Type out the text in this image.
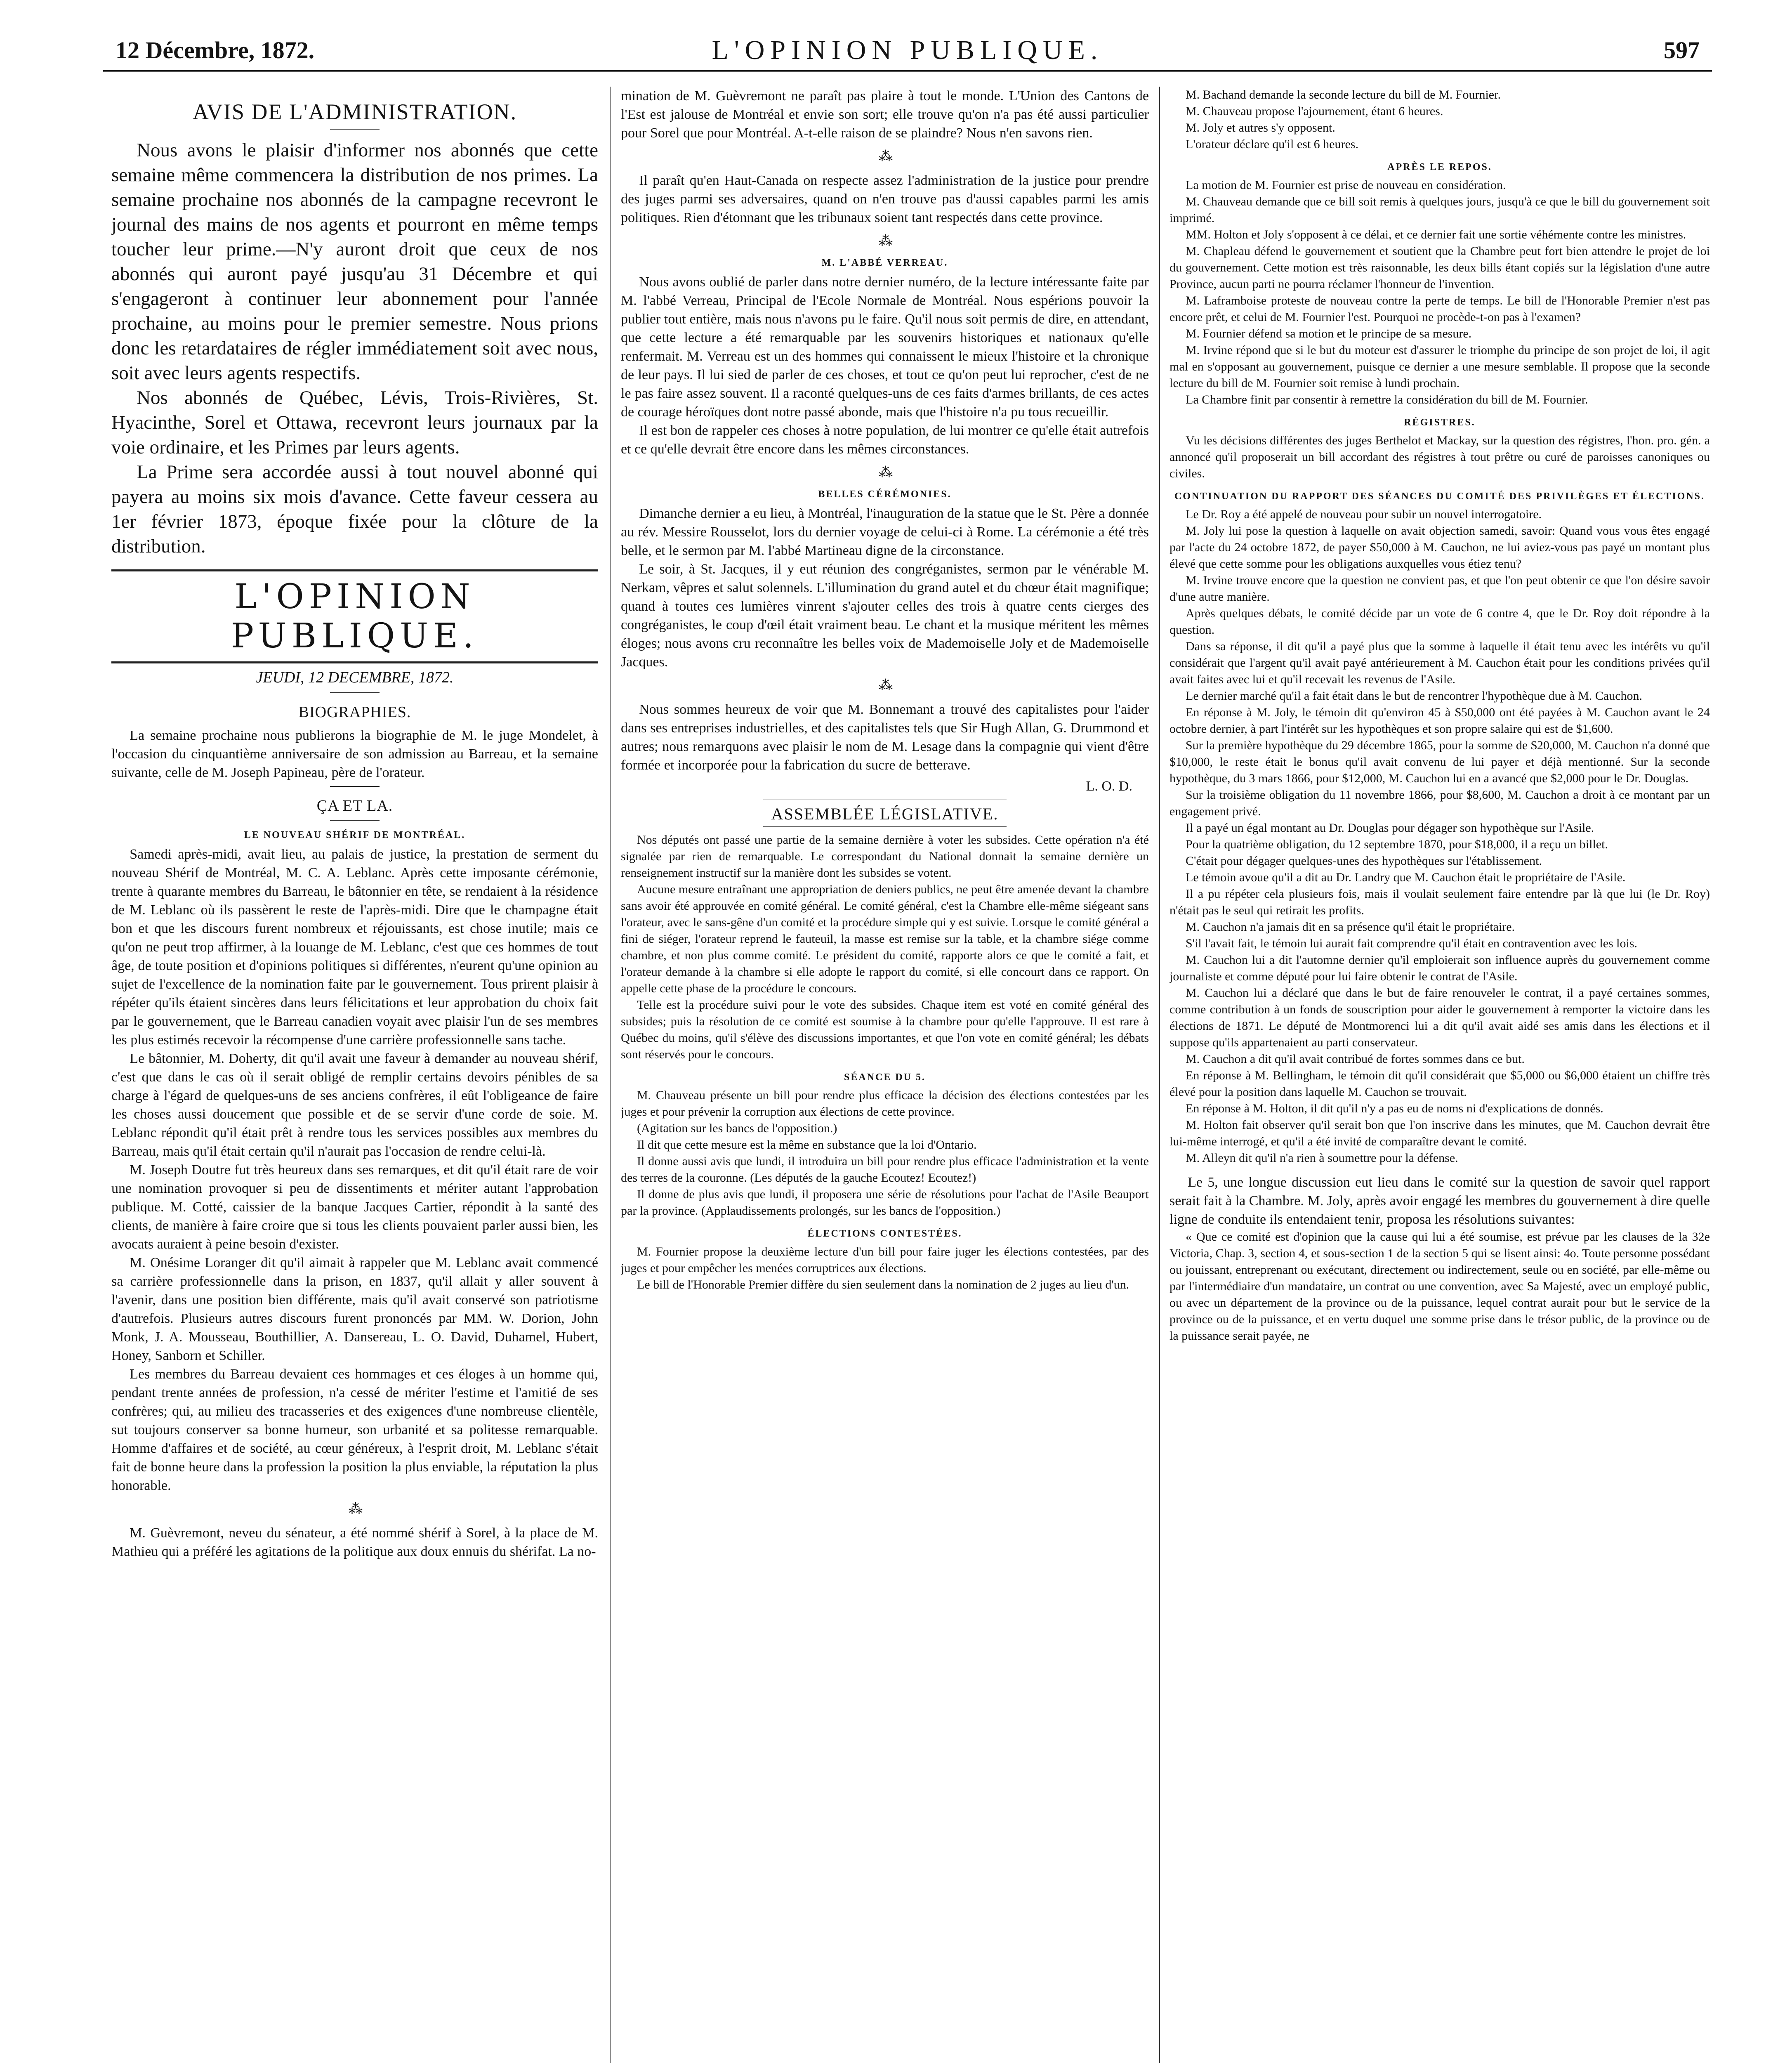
12 Décembre, 1872.	L'OPINION PUBLIQUE.	597
AVIS DE L'ADMINISTRATION.

Nous avons le plaisir d'informer nos abonnés que cette semaine même commencera la distribution de nos primes. La semaine prochaine nos abonnés de la campagne recevront le journal des mains de nos agents et pourront en même temps toucher leur prime.—N'y auront droit que ceux de nos abonnés qui auront payé jusqu'au 31 Décembre et qui s'engageront à continuer leur abonnement pour l'année prochaine, au moins pour le premier semestre. Nous prions donc les retardataires de régler immédiatement soit avec nous, soit avec leurs agents respectifs.

Nos abonnés de Québec, Lévis, Trois-Rivières, St. Hyacinthe, Sorel et Ottawa, recevront leurs journaux par la voie ordinaire, et les Primes par leurs agents.

La Prime sera accordée aussi à tout nouvel abonné qui payera au moins six mois d'avance. Cette faveur cessera au 1er février 1873, époque fixée pour la clôture de la distribution.

L'OPINION PUBLIQUE.
JEUDI, 12 DECEMBRE, 1872.
BIOGRAPHIES.

La semaine prochaine nous publierons la biographie de M. le juge Mondelet, à l'occasion du cinquantième anniversaire de son admission au Barreau, et la semaine suivante, celle de M. Joseph Papineau, père de l'orateur.

ÇA ET LA.
LE NOUVEAU SHÉRIF DE MONTRÉAL.

Samedi après-midi, avait lieu, au palais de justice, la prestation de serment du nouveau Shérif de Montréal, M. C. A. Leblanc. Après cette imposante cérémonie, trente à quarante membres du Barreau, le bâtonnier en tête, se rendaient à la résidence de M. Leblanc où ils passèrent le reste de l'après-midi. Dire que le champagne était bon et que les discours furent nombreux et réjouissants, est chose inutile; mais ce qu'on ne peut trop affirmer, à la louange de M. Leblanc, c'est que ces hommes de tout âge, de toute position et d'opinions politiques si différentes, n'eurent qu'une opinion au sujet de l'excellence de la nomination faite par le gouvernement. Tous prirent plaisir à répéter qu'ils étaient sincères dans leurs félicitations et leur approbation du choix fait par le gouvernement, que le Barreau canadien voyait avec plaisir l'un de ses membres les plus estimés recevoir la récompense d'une carrière professionnelle sans tache.

Le bâtonnier, M. Doherty, dit qu'il avait une faveur à demander au nouveau shérif, c'est que dans le cas où il serait obligé de remplir certains devoirs pénibles de sa charge à l'égard de quelques-uns de ses anciens confrères, il eût l'obligeance de faire les choses aussi doucement que possible et de se servir d'une corde de soie. M. Leblanc répondit qu'il était prêt à rendre tous les services possibles aux membres du Barreau, mais qu'il était certain qu'il n'aurait pas l'occasion de rendre celui-là.

M. Joseph Doutre fut très heureux dans ses remarques, et dit qu'il était rare de voir une nomination provoquer si peu de dissentiments et mériter autant l'approbation publique. M. Cotté, caissier de la banque Jacques Cartier, répondit à la santé des clients, de manière à faire croire que si tous les clients pouvaient parler aussi bien, les avocats auraient à peine besoin d'exister.

M. Onésime Loranger dit qu'il aimait à rappeler que M. Leblanc avait commencé sa carrière professionnelle dans la prison, en 1837, qu'il allait y aller souvent à l'avenir, dans une position bien différente, mais qu'il avait conservé son patriotisme d'autrefois. Plusieurs autres discours furent prononcés par MM. W. Dorion, John Monk, J. A. Mousseau, Bouthillier, A. Dansereau, L. O. David, Duhamel, Hubert, Honey, Sanborn et Schiller.

Les membres du Barreau devaient ces hommages et ces éloges à un homme qui, pendant trente années de profession, n'a cessé de mériter l'estime et l'amitié de ses confrères; qui, au milieu des tracasseries et des exigences d'une nombreuse clientèle, sut toujours conserver sa bonne humeur, son urbanité et sa politesse remarquable. Homme d'affaires et de société, au cœur généreux, à l'esprit droit, M. Leblanc s'était fait de bonne heure dans la profession la position la plus enviable, la réputation la plus honorable.

⁂

M. Guèvremont, neveu du sénateur, a été nommé shérif à Sorel, à la place de M. Mathieu qui a préféré les agitations de la politique aux doux ennuis du shérifat. La no-

mination de M. Guèvremont ne paraît pas plaire à tout le monde. L'Union des Cantons de l'Est est jalouse de Montréal et envie son sort; elle trouve qu'on n'a pas été aussi particulier pour Sorel que pour Montréal. A-t-elle raison de se plaindre? Nous n'en savons rien.

⁂

Il paraît qu'en Haut-Canada on respecte assez l'administration de la justice pour prendre des juges parmi ses adversaires, quand on n'en trouve pas d'aussi capables parmi les amis politiques. Rien d'étonnant que les tribunaux soient tant respectés dans cette province.

⁂
M. L'ABBÉ VERREAU.

Nous avons oublié de parler dans notre dernier numéro, de la lecture intéressante faite par M. l'abbé Verreau, Principal de l'Ecole Normale de Montréal. Nous espérions pouvoir la publier tout entière, mais nous n'avons pu le faire. Qu'il nous soit permis de dire, en attendant, que cette lecture a été remarquable par les souvenirs historiques et nationaux qu'elle renfermait. M. Verreau est un des hommes qui connaissent le mieux l'histoire et la chronique de leur pays. Il lui sied de parler de ces choses, et tout ce qu'on peut lui reprocher, c'est de ne le pas faire assez souvent. Il a raconté quelques-uns de ces faits d'armes brillants, de ces actes de courage héroïques dont notre passé abonde, mais que l'histoire n'a pu tous recueillir.

Il est bon de rappeler ces choses à notre population, de lui montrer ce qu'elle était autrefois et ce qu'elle devrait être encore dans les mêmes circonstances.

⁂
BELLES CÉRÉMONIES.

Dimanche dernier a eu lieu, à Montréal, l'inauguration de la statue que le St. Père a donnée au rév. Messire Rousselot, lors du dernier voyage de celui-ci à Rome. La cérémonie a été très belle, et le sermon par M. l'abbé Martineau digne de la circonstance.

Le soir, à St. Jacques, il y eut réunion des congréganistes, sermon par le vénérable M. Nerkam, vêpres et salut solennels. L'illumination du grand autel et du chœur était magnifique; quand à toutes ces lumières vinrent s'ajouter celles des trois à quatre cents cierges des congréganistes, le coup d'œil était vraiment beau. Le chant et la musique méritent les mêmes éloges; nous avons cru reconnaître les belles voix de Mademoiselle Joly et de Mademoiselle Jacques.

⁂

Nous sommes heureux de voir que M. Bonnemant a trouvé des capitalistes pour l'aider dans ses entreprises industrielles, et des capitalistes tels que Sir Hugh Allan, G. Drummond et autres; nous remarquons avec plaisir le nom de M. Lesage dans la compagnie qui vient d'être formée et incorporée pour la fabrication du sucre de betterave.

L. O. D.
ASSEMBLÉE LÉGISLATIVE.

Nos députés ont passé une partie de la semaine dernière à voter les subsides. Cette opération n'a été signalée par rien de remarquable. Le correspondant du National donnait la semaine dernière un renseignement instructif sur la manière dont les subsides se votent.

Aucune mesure entraînant une appropriation de deniers publics, ne peut être amenée devant la chambre sans avoir été approuvée en comité général. Le comité général, c'est la Chambre elle-même siégeant sans l'orateur, avec le sans-gêne d'un comité et la procédure simple qui y est suivie. Lorsque le comité général a fini de siéger, l'orateur reprend le fauteuil, la masse est remise sur la table, et la chambre siége comme chambre, et non plus comme comité. Le président du comité, rapporte alors ce que le comité a fait, et l'orateur demande à la chambre si elle adopte le rapport du comité, si elle concourt dans ce rapport. On appelle cette phase de la procédure le concours.

Telle est la procédure suivi pour le vote des subsides. Chaque item est voté en comité général des subsides; puis la résolution de ce comité est soumise à la chambre pour qu'elle l'approuve. Il est rare à Québec du moins, qu'il s'élève des discussions importantes, et que l'on vote en comité général; les débats sont réservés pour le concours.

SÉANCE DU 5.

M. Chauveau présente un bill pour rendre plus efficace la décision des élections contestées par les juges et pour prévenir la corruption aux élections de cette province.

(Agitation sur les bancs de l'opposition.)

Il dit que cette mesure est la même en substance que la loi d'Ontario.

Il donne aussi avis que lundi, il introduira un bill pour rendre plus efficace l'administration et la vente des terres de la couronne. (Les députés de la gauche Ecoutez! Ecoutez!)

Il donne de plus avis que lundi, il proposera une série de résolutions pour l'achat de l'Asile Beauport par la province. (Applaudissements prolongés, sur les bancs de l'opposition.)

ÉLECTIONS CONTESTÉES.

M. Fournier propose la deuxième lecture d'un bill pour faire juger les élections contestées, par des juges et pour empêcher les menées corruptrices aux élections.

Le bill de l'Honorable Premier diffère du sien seulement dans la nomination de 2 juges au lieu d'un.

M. Bachand demande la seconde lecture du bill de M. Fournier.

M. Chauveau propose l'ajournement, étant 6 heures.

M. Joly et autres s'y opposent.

L'orateur déclare qu'il est 6 heures.

APRÈS LE REPOS.

La motion de M. Fournier est prise de nouveau en considération.

M. Chauveau demande que ce bill soit remis à quelques jours, jusqu'à ce que le bill du gouvernement soit imprimé.

MM. Holton et Joly s'opposent à ce délai, et ce dernier fait une sortie véhémente contre les ministres.

M. Chapleau défend le gouvernement et soutient que la Chambre peut fort bien attendre le projet de loi du gouvernement. Cette motion est très raisonnable, les deux bills étant copiés sur la législation d'une autre Province, aucun parti ne pourra réclamer l'honneur de l'invention.

M. Laframboise proteste de nouveau contre la perte de temps. Le bill de l'Honorable Premier n'est pas encore prêt, et celui de M. Fournier l'est. Pourquoi ne procède-t-on pas à l'examen?

M. Fournier défend sa motion et le principe de sa mesure.

M. Irvine répond que si le but du moteur est d'assurer le triomphe du principe de son projet de loi, il agit mal en s'opposant au gouvernement, puisque ce dernier a une mesure semblable. Il propose que la seconde lecture du bill de M. Fournier soit remise à lundi prochain.

La Chambre finit par consentir à remettre la considération du bill de M. Fournier.

RÉGISTRES.

Vu les décisions différentes des juges Berthelot et Mackay, sur la question des régistres, l'hon. pro. gén. a annoncé qu'il proposerait un bill accordant des régistres à tout prêtre ou curé de paroisses canoniques ou civiles.

CONTINUATION DU RAPPORT DES SÉANCES DU COMITÉ DES PRIVILÈGES ET ÉLECTIONS.

Le Dr. Roy a été appelé de nouveau pour subir un nouvel interrogatoire.

M. Joly lui pose la question à laquelle on avait objection samedi, savoir: Quand vous vous êtes engagé par l'acte du 24 octobre 1872, de payer $50,000 à M. Cauchon, ne lui aviez-vous pas payé un montant plus élevé que cette somme pour les obligations auxquelles vous étiez tenu?

M. Irvine trouve encore que la question ne convient pas, et que l'on peut obtenir ce que l'on désire savoir d'une autre manière.

Après quelques débats, le comité décide par un vote de 6 contre 4, que le Dr. Roy doit répondre à la question.

Dans sa réponse, il dit qu'il a payé plus que la somme à laquelle il était tenu avec les intérêts vu qu'il considérait que l'argent qu'il avait payé antérieurement à M. Cauchon était pour les conditions privées qu'il avait faites avec lui et qu'il recevait les revenus de l'Asile.

Le dernier marché qu'il a fait était dans le but de rencontrer l'hypothèque due à M. Cauchon.

En réponse à M. Joly, le témoin dit qu'environ 45 à $50,000 ont été payées à M. Cauchon avant le 24 octobre dernier, à part l'intérêt sur les hypothèques et son propre salaire qui est de $1,600.

Sur la première hypothèque du 29 décembre 1865, pour la somme de $20,000, M. Cauchon n'a donné que $10,000, le reste était le bonus qu'il avait convenu de lui payer et déjà mentionné. Sur la seconde hypothèque, du 3 mars 1866, pour $12,000, M. Cauchon lui en a avancé que $2,000 pour le Dr. Douglas.

Sur la troisième obligation du 11 novembre 1866, pour $8,600, M. Cauchon a droit à ce montant par un engagement privé.

Il a payé un égal montant au Dr. Douglas pour dégager son hypothèque sur l'Asile.

Pour la quatrième obligation, du 12 septembre 1870, pour $18,000, il a reçu un billet.

C'était pour dégager quelques-unes des hypothèques sur l'établissement.

Le témoin avoue qu'il a dit au Dr. Landry que M. Cauchon était le propriétaire de l'Asile.

Il a pu répéter cela plusieurs fois, mais il voulait seulement faire entendre par là que lui (le Dr. Roy) n'était pas le seul qui retirait les profits.

M. Cauchon n'a jamais dit en sa présence qu'il était le propriétaire.

S'il l'avait fait, le témoin lui aurait fait comprendre qu'il était en contravention avec les lois.

M. Cauchon lui a dit l'automne dernier qu'il emploierait son influence auprès du gouvernement comme journaliste et comme député pour lui faire obtenir le contrat de l'Asile.

M. Cauchon lui a déclaré que dans le but de faire renouveler le contrat, il a payé certaines sommes, comme contribution à un fonds de souscription pour aider le gouvernement à remporter la victoire dans les élections de 1871. Le député de Montmorenci lui a dit qu'il avait aidé ses amis dans les élections et il suppose qu'ils appartenaient au parti conservateur.

M. Cauchon a dit qu'il avait contribué de fortes sommes dans ce but.

En réponse à M. Bellingham, le témoin dit qu'il considérait que $5,000 ou $6,000 étaient un chiffre très élevé pour la position dans laquelle M. Cauchon se trouvait.

En réponse à M. Holton, il dit qu'il n'y a pas eu de noms ni d'explications de donnés.

M. Holton fait observer qu'il serait bon que l'on inscrive dans les minutes, que M. Cauchon devrait être lui-même interrogé, et qu'il a été invité de comparaître devant le comité.

M. Alleyn dit qu'il n'a rien à soumettre pour la défense.

Le 5, une longue discussion eut lieu dans le comité sur la question de savoir quel rapport serait fait à la Chambre. M. Joly, après avoir engagé les membres du gouvernement à dire quelle ligne de conduite ils entendaient tenir, proposa les résolutions suivantes:

« Que ce comité est d'opinion que la cause qui lui a été soumise, est prévue par les clauses de la 32e Victoria, Chap. 3, section 4, et sous-section 1 de la section 5 qui se lisent ainsi: 4o. Toute personne possédant ou jouissant, entreprenant ou exécutant, directement ou indirectement, seule ou en société, par elle-même ou par l'intermédiaire d'un mandataire, un contrat ou une convention, avec Sa Majesté, avec un employé public, ou avec un département de la province ou de la puissance, lequel contrat aurait pour but le service de la province ou de la puissance, et en vertu duquel une somme prise dans le trésor public, de la province ou de la puissance serait payée, ne
